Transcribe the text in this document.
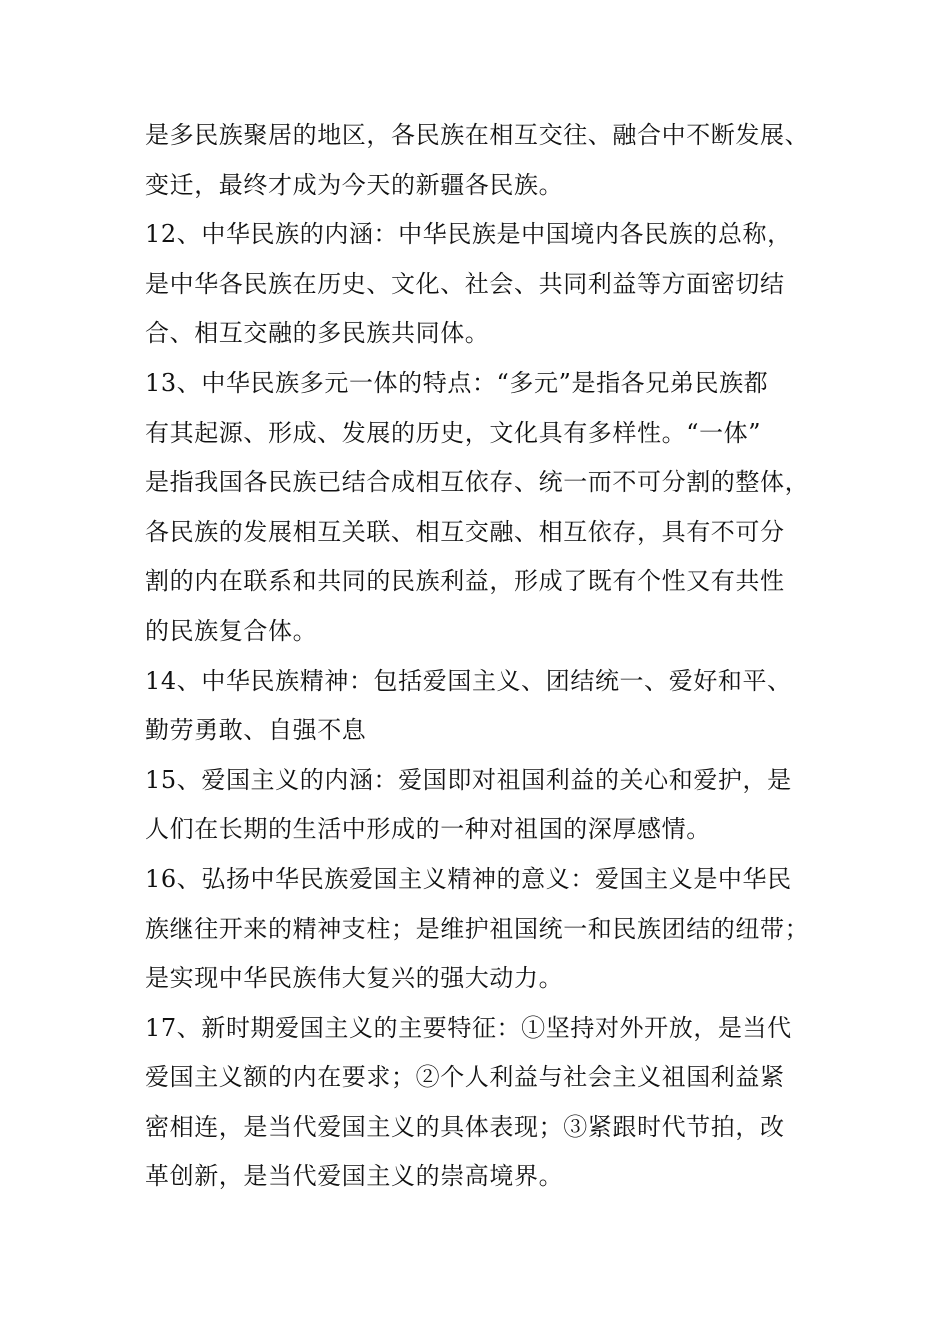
是多民族聚居的地区，各民族在相互交往、融合中不断发展、
变迁，最终才成为今天的新疆各民族。
12、中华民族的内涵：中华民族是中国境内各民族的总称，
是中华各民族在历史、文化、社会、共同利益等方面密切结
合、相互交融的多民族共同体。
13、中华民族多元一体的特点：“多元”是指各兄弟民族都
有其起源、形成、发展的历史，文化具有多样性。“一体”
是指我国各民族已结合成相互依存、统一而不可分割的整体，
各民族的发展相互关联、相互交融、相互依存，具有不可分
割的内在联系和共同的民族利益，形成了既有个性又有共性
的民族复合体。
14、中华民族精神：包括爱国主义、团结统一、爱好和平、
勤劳勇敢、自强不息
15、爱国主义的内涵：爱国即对祖国利益的关心和爱护，是
人们在长期的生活中形成的一种对祖国的深厚感情。
16、弘扬中华民族爱国主义精神的意义：爱国主义是中华民
族继往开来的精神支柱；是维护祖国统一和民族团结的纽带；
是实现中华民族伟大复兴的强大动力。
17、新时期爱国主义的主要特征：①坚持对外开放，是当代
爱国主义额的内在要求；②个人利益与社会主义祖国利益紧
密相连，是当代爱国主义的具体表现；③紧跟时代节拍，改
革创新，是当代爱国主义的崇高境界。
